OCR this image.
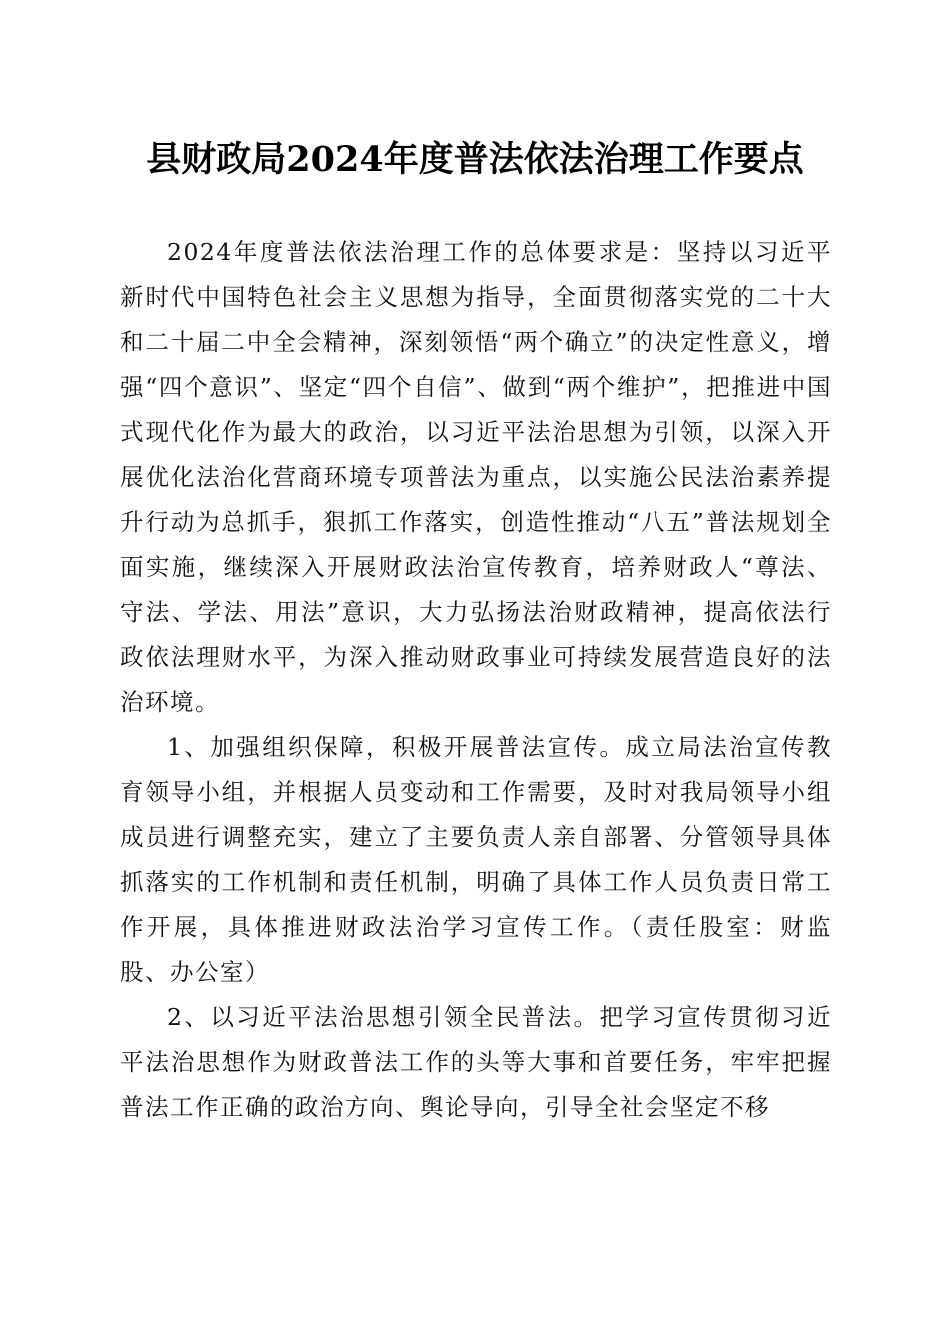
县财政局2024年度普法依法治理工作要点

2024年度普法依法治理工作的总体要求是：坚持以习近平新时代中国特色社会主义思想为指导，全面贯彻落实党的二十大和二十届二中全会精神，深刻领悟“两个确立”的决定性意义，增强“四个意识”、坚定“四个自信”、做到“两个维护”，把推进中国式现代化作为最大的政治，以习近平法治思想为引领，以深入开展优化法治化营商环境专项普法为重点，以实施公民法治素养提升行动为总抓手，狠抓工作落实，创造性推动“八五”普法规划全面实施，继续深入开展财政法治宣传教育，培养财政人“尊法、守法、学法、用法”意识，大力弘扬法治财政精神，提高依法行政依法理财水平，为深入推动财政事业可持续发展营造良好的法治环境。

1、加强组织保障，积极开展普法宣传。成立局法治宣传教育领导小组，并根据人员变动和工作需要，及时对我局领导小组成员进行调整充实，建立了主要负责人亲自部署、分管领导具体抓落实的工作机制和责任机制，明确了具体工作人员负责日常工作开展，具体推进财政法治学习宣传工作。（责任股室：财监股、办公室）

2、以习近平法治思想引领全民普法。把学习宣传贯彻习近平法治思想作为财政普法工作的头等大事和首要任务，牢牢把握普法工作正确的政治方向、舆论导向，引导全社会坚定不移
